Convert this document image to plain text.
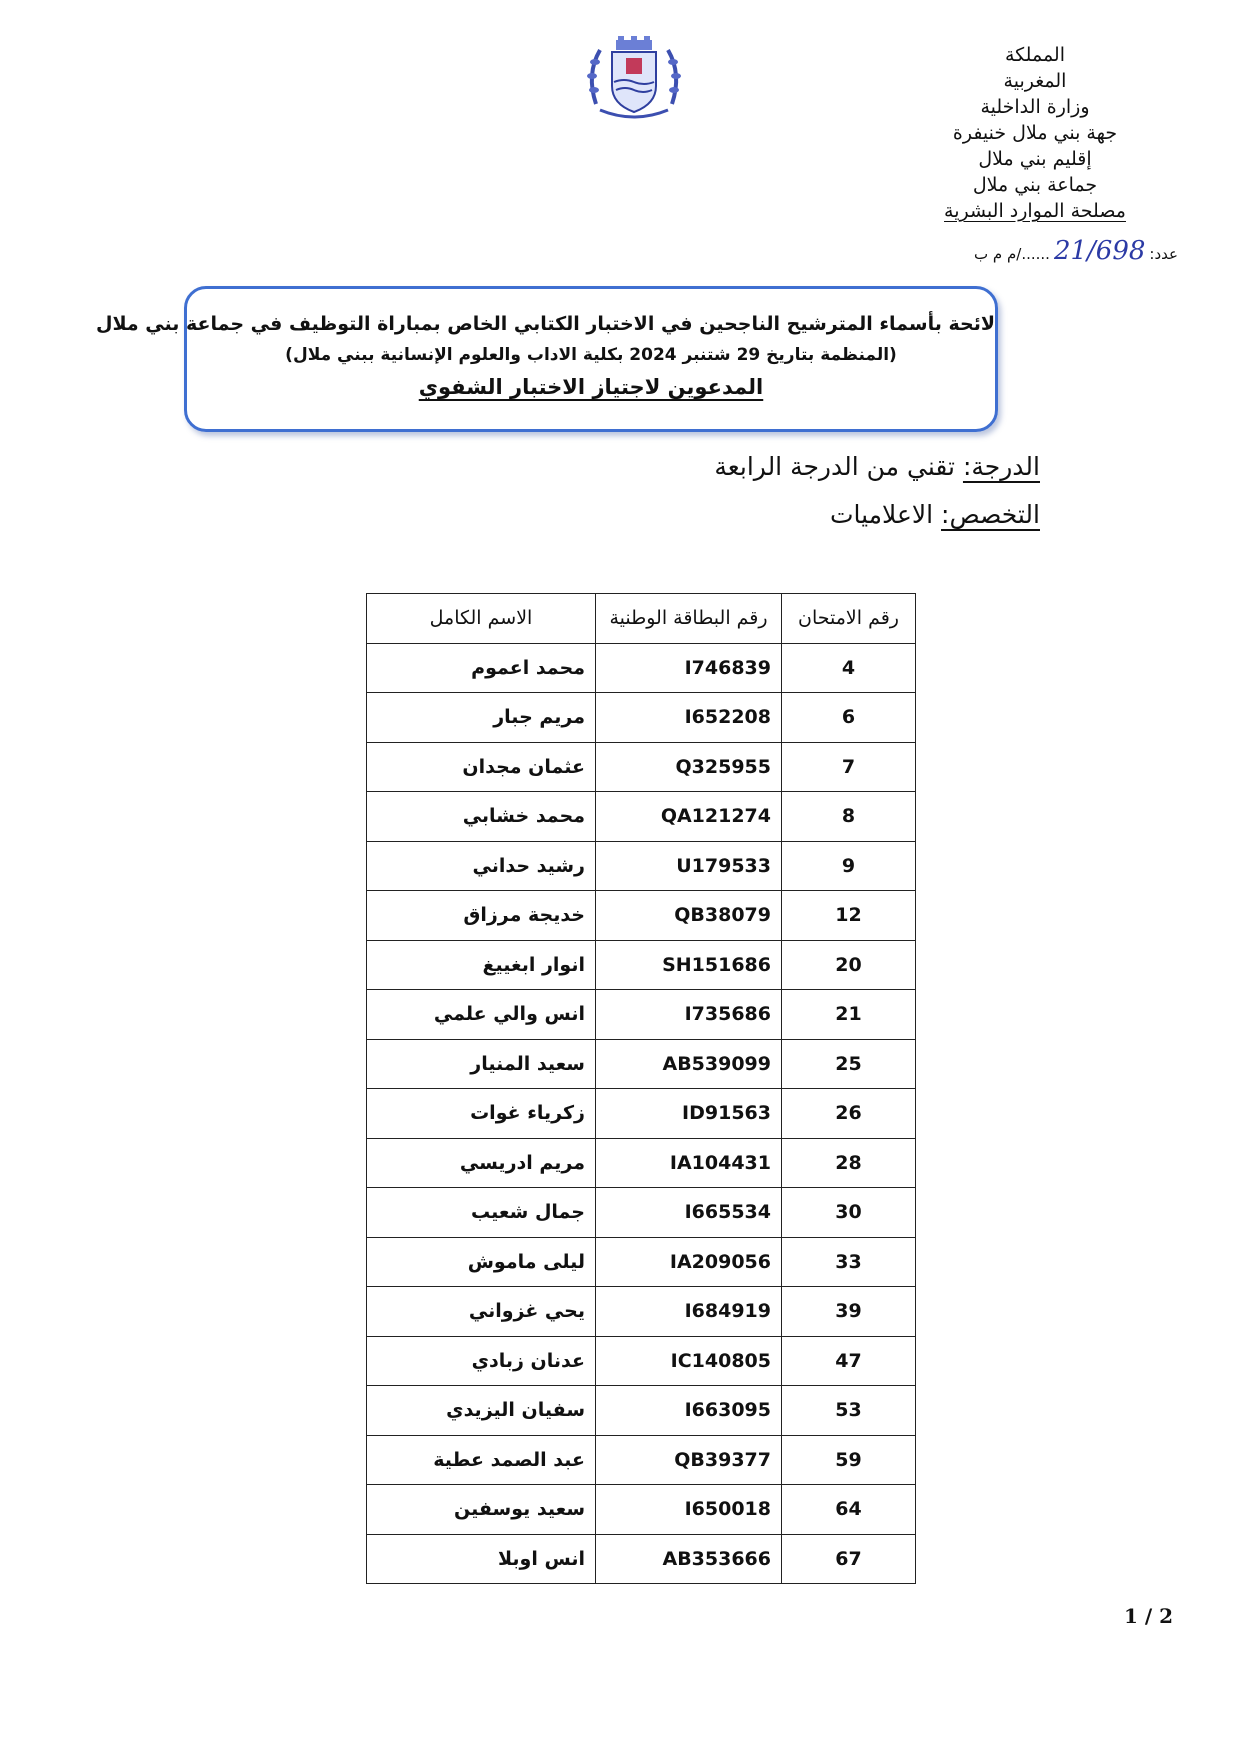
المملكة
المغربية
وزارة الداخلية
جهة بني ملال خنيفرة
إقليم بني ملال
جماعة بني ملال
مصلحة الموارد البشرية
عدد:21/698....../م م ب
لائحة بأسماء المترشيح الناجحين في الاختبار الكتابي الخاص بمباراة التوظيف في جماعة بني ملال
(المنظمة بتاريخ 29 شتنبر 2024 بكلية الاداب والعلوم الإنسانية ببني ملال)
المدعوين لاجتياز الاختبار الشفوي
الدرجة: تقني من الدرجة الرابعة
التخصص: الاعلاميات
رقم الامتحان	رقم البطاقة الوطنية	الاسم الكامل
4	I746839	محمد اعموم
6	I652208	مريم جبار
7	Q325955	عثمان مجدان
8	QA121274	محمد خشابي
9	U179533	رشيد حداني
12	QB38079	خديجة مرزاق
20	SH151686	انوار ابغييغ
21	I735686	انس والي علمي
25	AB539099	سعيد المنيار
26	ID91563	زكرياء غوات
28	IA104431	مريم ادريسي
30	I665534	جمال شعيب
33	IA209056	ليلى ماموش
39	I684919	يحي غزواني
47	IC140805	عدنان زبادي
53	I663095	سفيان اليزيدي
59	QB39377	عبد الصمد عطية
64	I650018	سعيد يوسفين
67	AB353666	انس اوبلا
1 / 2
